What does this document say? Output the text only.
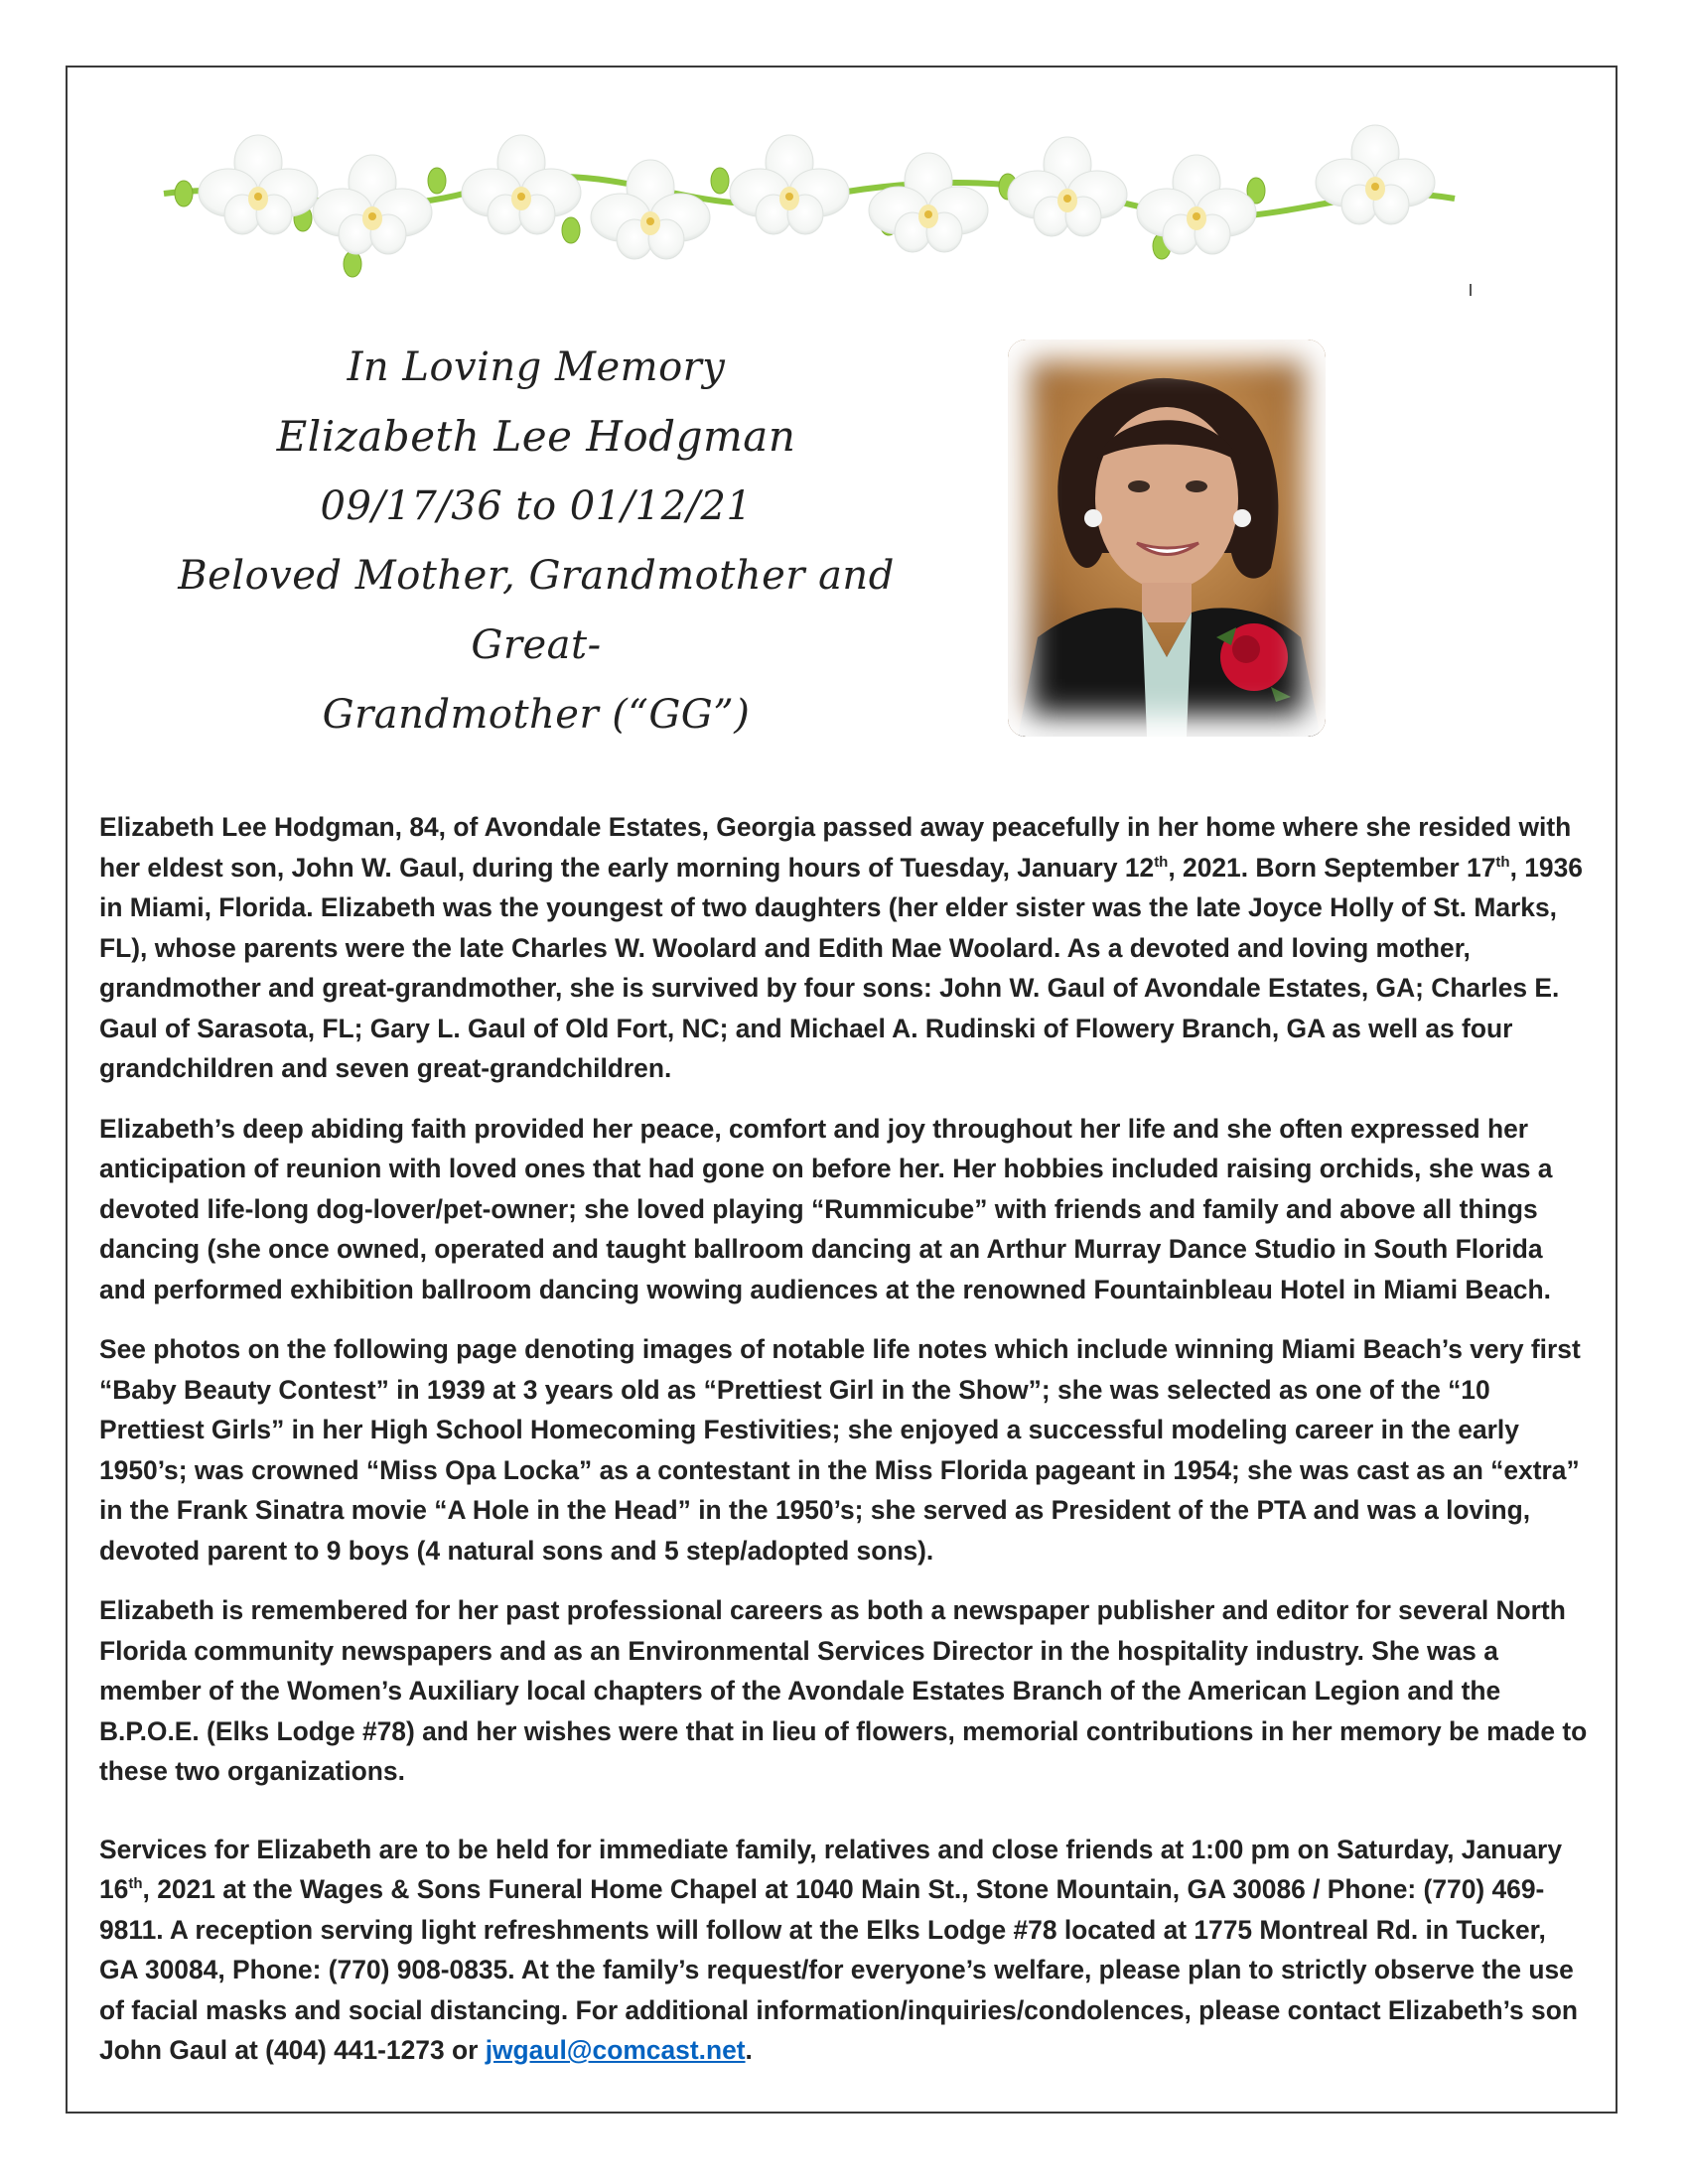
In Loving Memory
Elizabeth Lee Hodgman
09/17/36 to 01/12/21
Beloved Mother, Grandmother and Great-
Grandmother (“GG”)

Elizabeth Lee Hodgman, 84, of Avondale Estates, Georgia passed away peacefully in her home where she resided with her eldest son, John W. Gaul, during the early morning hours of Tuesday, January 12th, 2021. Born September 17th, 1936 in Miami, Florida. Elizabeth was the youngest of two daughters (her elder sister was the late Joyce Holly of St. Marks, FL), whose parents were the late Charles W. Woolard and Edith Mae Woolard. As a devoted and loving mother, grandmother and great-grandmother, she is survived by four sons: John W. Gaul of Avondale Estates, GA; Charles E. Gaul of Sarasota, FL; Gary L. Gaul of Old Fort, NC; and Michael A. Rudinski of Flowery Branch, GA as well as four grandchildren and seven great-grandchildren.

Elizabeth’s deep abiding faith provided her peace, comfort and joy throughout her life and she often expressed her anticipation of reunion with loved ones that had gone on before her. Her hobbies included raising orchids, she was a devoted life-long dog-lover/pet-owner; she loved playing “Rummicube” with friends and family and above all things dancing (she once owned, operated and taught ballroom dancing at an Arthur Murray Dance Studio in South Florida and performed exhibition ballroom dancing wowing audiences at the renowned Fountainbleau Hotel in Miami Beach.

See photos on the following page denoting images of notable life notes which include winning Miami Beach’s very first “Baby Beauty Contest” in 1939 at 3 years old as “Prettiest Girl in the Show”; she was selected as one of the “10 Prettiest Girls” in her High School Homecoming Festivities; she enjoyed a successful modeling career in the early 1950’s; was crowned “Miss Opa Locka” as a contestant in the Miss Florida pageant in 1954; she was cast as an “extra” in the Frank Sinatra movie “A Hole in the Head” in the 1950’s; she served as President of the PTA and was a loving, devoted parent to 9 boys (4 natural sons and 5 step/adopted sons).

Elizabeth is remembered for her past professional careers as both a newspaper publisher and editor for several North Florida community newspapers and as an Environmental Services Director in the hospitality industry. She was a member of the Women’s Auxiliary local chapters of the Avondale Estates Branch of the American Legion and the B.P.O.E. (Elks Lodge #78) and her wishes were that in lieu of flowers, memorial contributions in her memory be made to these two organizations.

Services for Elizabeth are to be held for immediate family, relatives and close friends at 1:00 pm on Saturday, January 16th, 2021 at the Wages & Sons Funeral Home Chapel at 1040 Main St., Stone Mountain, GA 30086 / Phone: (770) 469-9811. A reception serving light refreshments will follow at the Elks Lodge #78 located at 1775 Montreal Rd. in Tucker, GA 30084, Phone: (770) 908-0835. At the family’s request/for everyone’s welfare, please plan to strictly observe the use of facial masks and social distancing. For additional information/inquiries/condolences, please contact Elizabeth’s son John Gaul at (404) 441-1273 or jwgaul@comcast.net.
